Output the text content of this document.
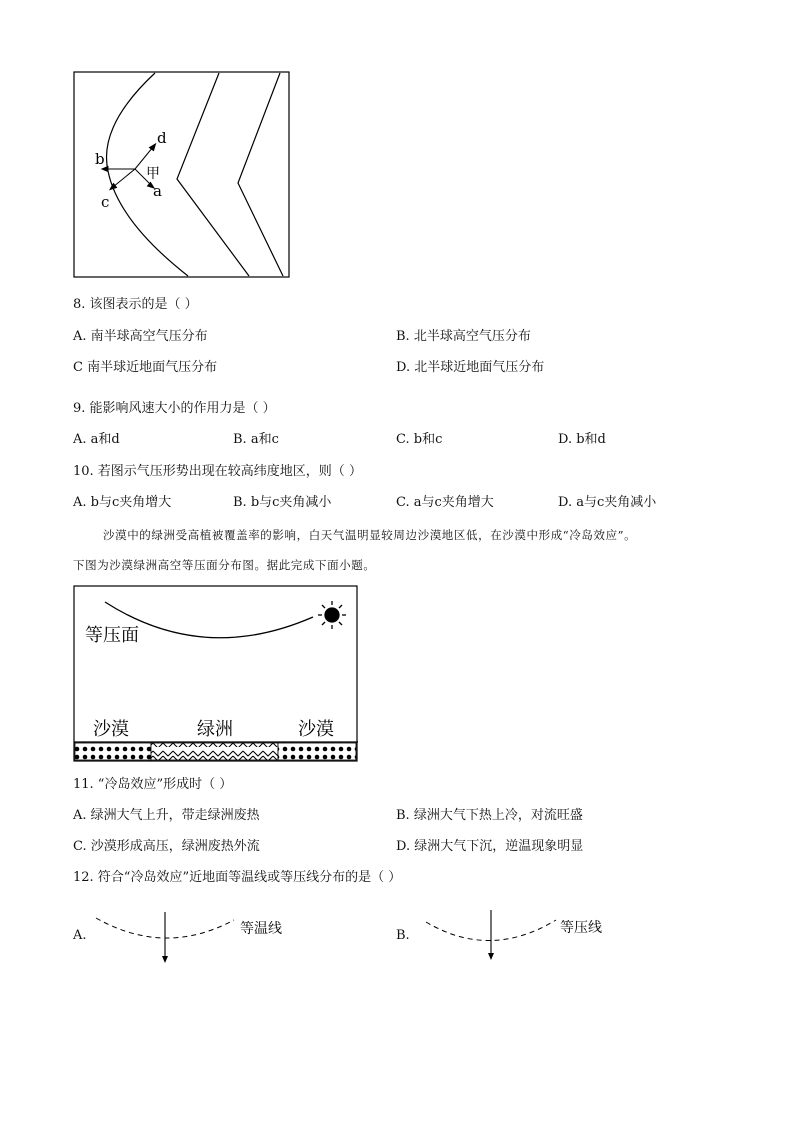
b
c
d
a
甲
8. 该图表示的是（ ）
A. 南半球高空气压分布	B. 北半球高空气压分布
C 南半球近地面气压分布	D. 北半球近地面气压分布
9. 能影响风速大小的作用力是（ ）
A. a和d	B. a和c	C. b和c	D. b和d
10. 若图示气压形势出现在较高纬度地区，则（ ）
A. b与c夹角增大	B. b与c夹角减小	C. a与c夹角增大	D. a与c夹角减小
沙漠中的绿洲受高植被覆盖率的影响，白天气温明显较周边沙漠地区低，在沙漠中形成“冷岛效应”。
下图为沙漠绿洲高空等压面分布图。据此完成下面小题。
等压面
沙漠	绿洲	沙漠
11. “冷岛效应”形成时（ ）
A. 绿洲大气上升，带走绿洲废热	B. 绿洲大气下热上冷，对流旺盛
C. 沙漠形成高压，绿洲废热外流	D. 绿洲大气下沉，逆温现象明显
12. 符合“冷岛效应”近地面等温线或等压线分布的是（ ）
A.	等温线	B.	等压线
